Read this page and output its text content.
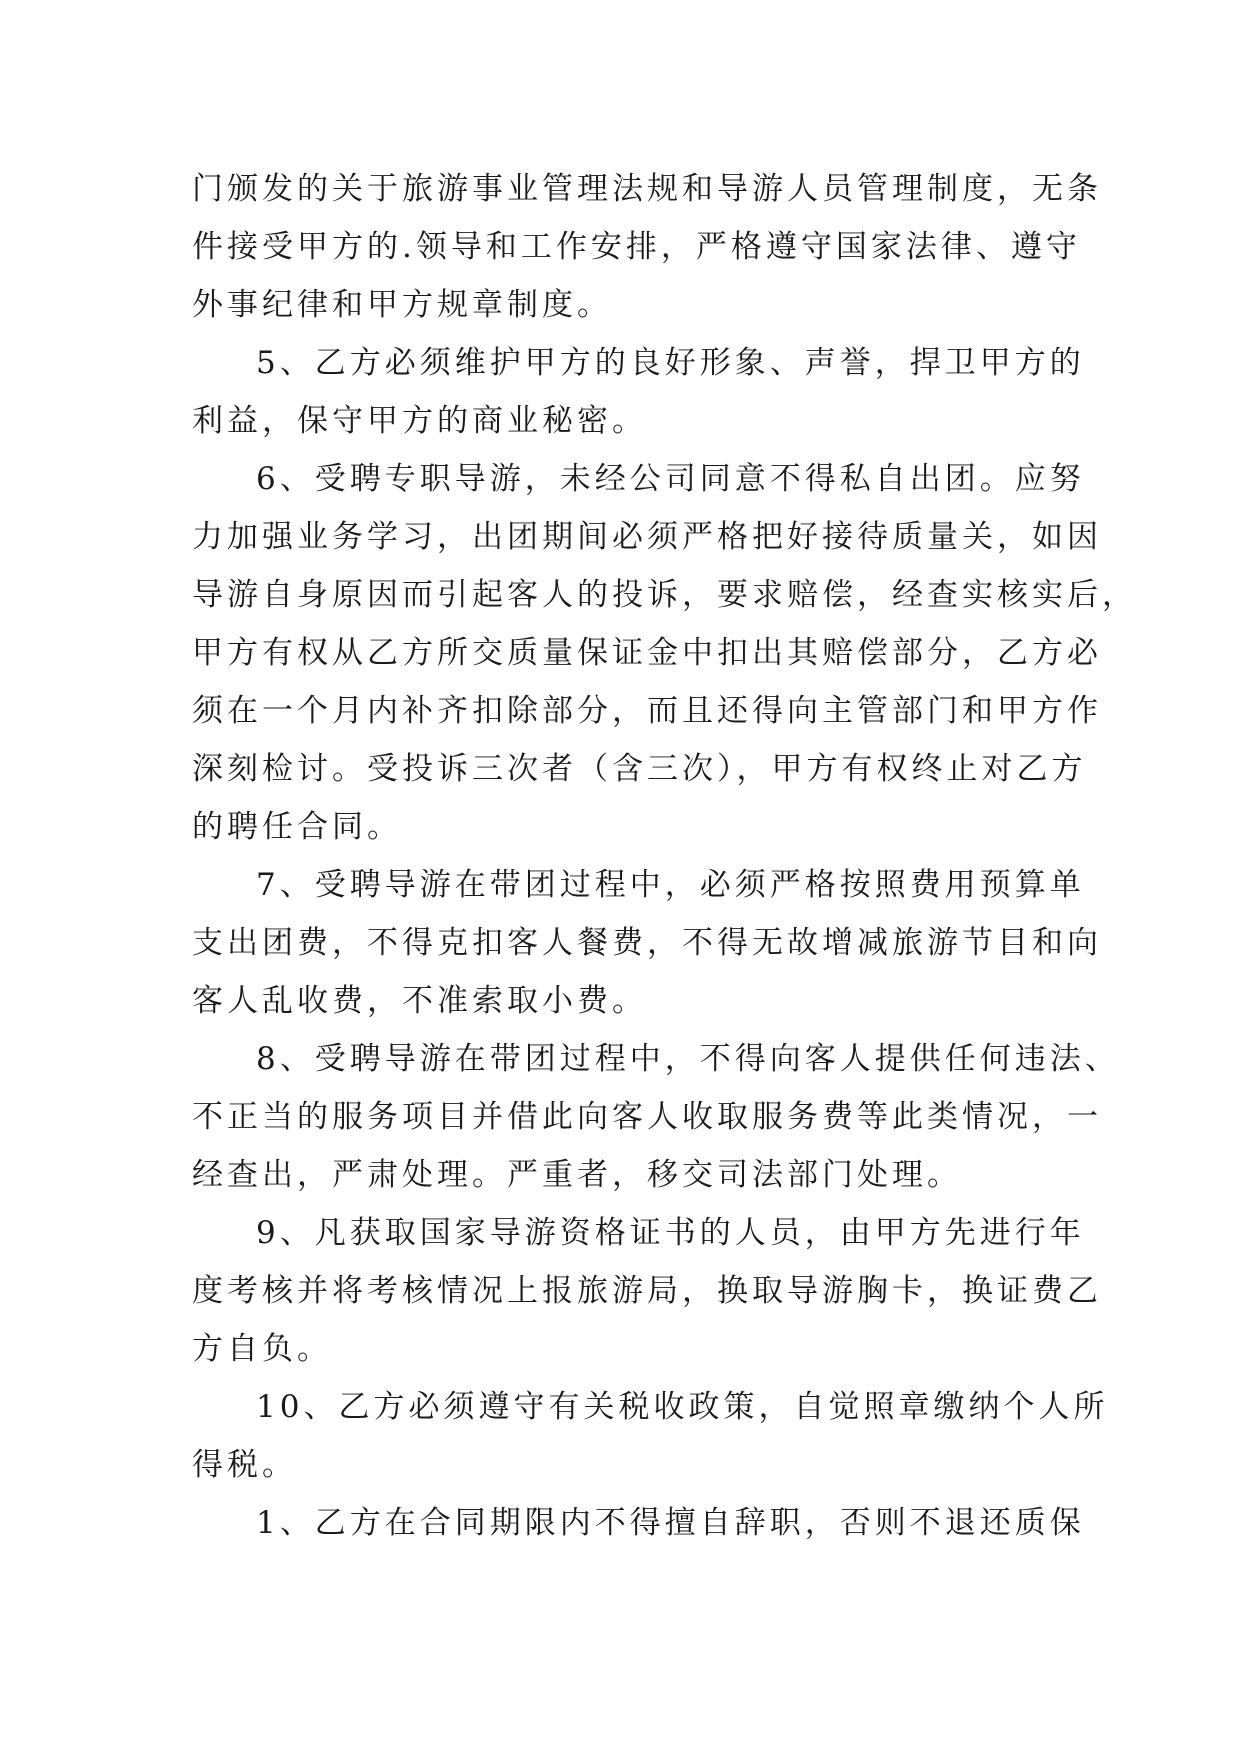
门颁发的关于旅游事业管理法规和导游人员管理制度，无条
件接受甲方的.领导和工作安排，严格遵守国家法律、遵守
外事纪律和甲方规章制度。
5、乙方必须维护甲方的良好形象、声誉，捍卫甲方的
利益，保守甲方的商业秘密。
6、受聘专职导游，未经公司同意不得私自出团。应努
力加强业务学习，出团期间必须严格把好接待质量关，如因
导游自身原因而引起客人的投诉，要求赔偿，经查实核实后，
甲方有权从乙方所交质量保证金中扣出其赔偿部分，乙方必
须在一个月内补齐扣除部分，而且还得向主管部门和甲方作
深刻检讨。受投诉三次者（含三次），甲方有权终止对乙方
的聘任合同。
7、受聘导游在带团过程中，必须严格按照费用预算单
支出团费，不得克扣客人餐费，不得无故增减旅游节目和向
客人乱收费，不准索取小费。
8、受聘导游在带团过程中，不得向客人提供任何违法、
不正当的服务项目并借此向客人收取服务费等此类情况，一
经查出，严肃处理。严重者，移交司法部门处理。
9、凡获取国家导游资格证书的人员，由甲方先进行年
度考核并将考核情况上报旅游局，换取导游胸卡，换证费乙
方自负。
10、乙方必须遵守有关税收政策，自觉照章缴纳个人所
得税。
1、乙方在合同期限内不得擅自辞职，否则不退还质保
